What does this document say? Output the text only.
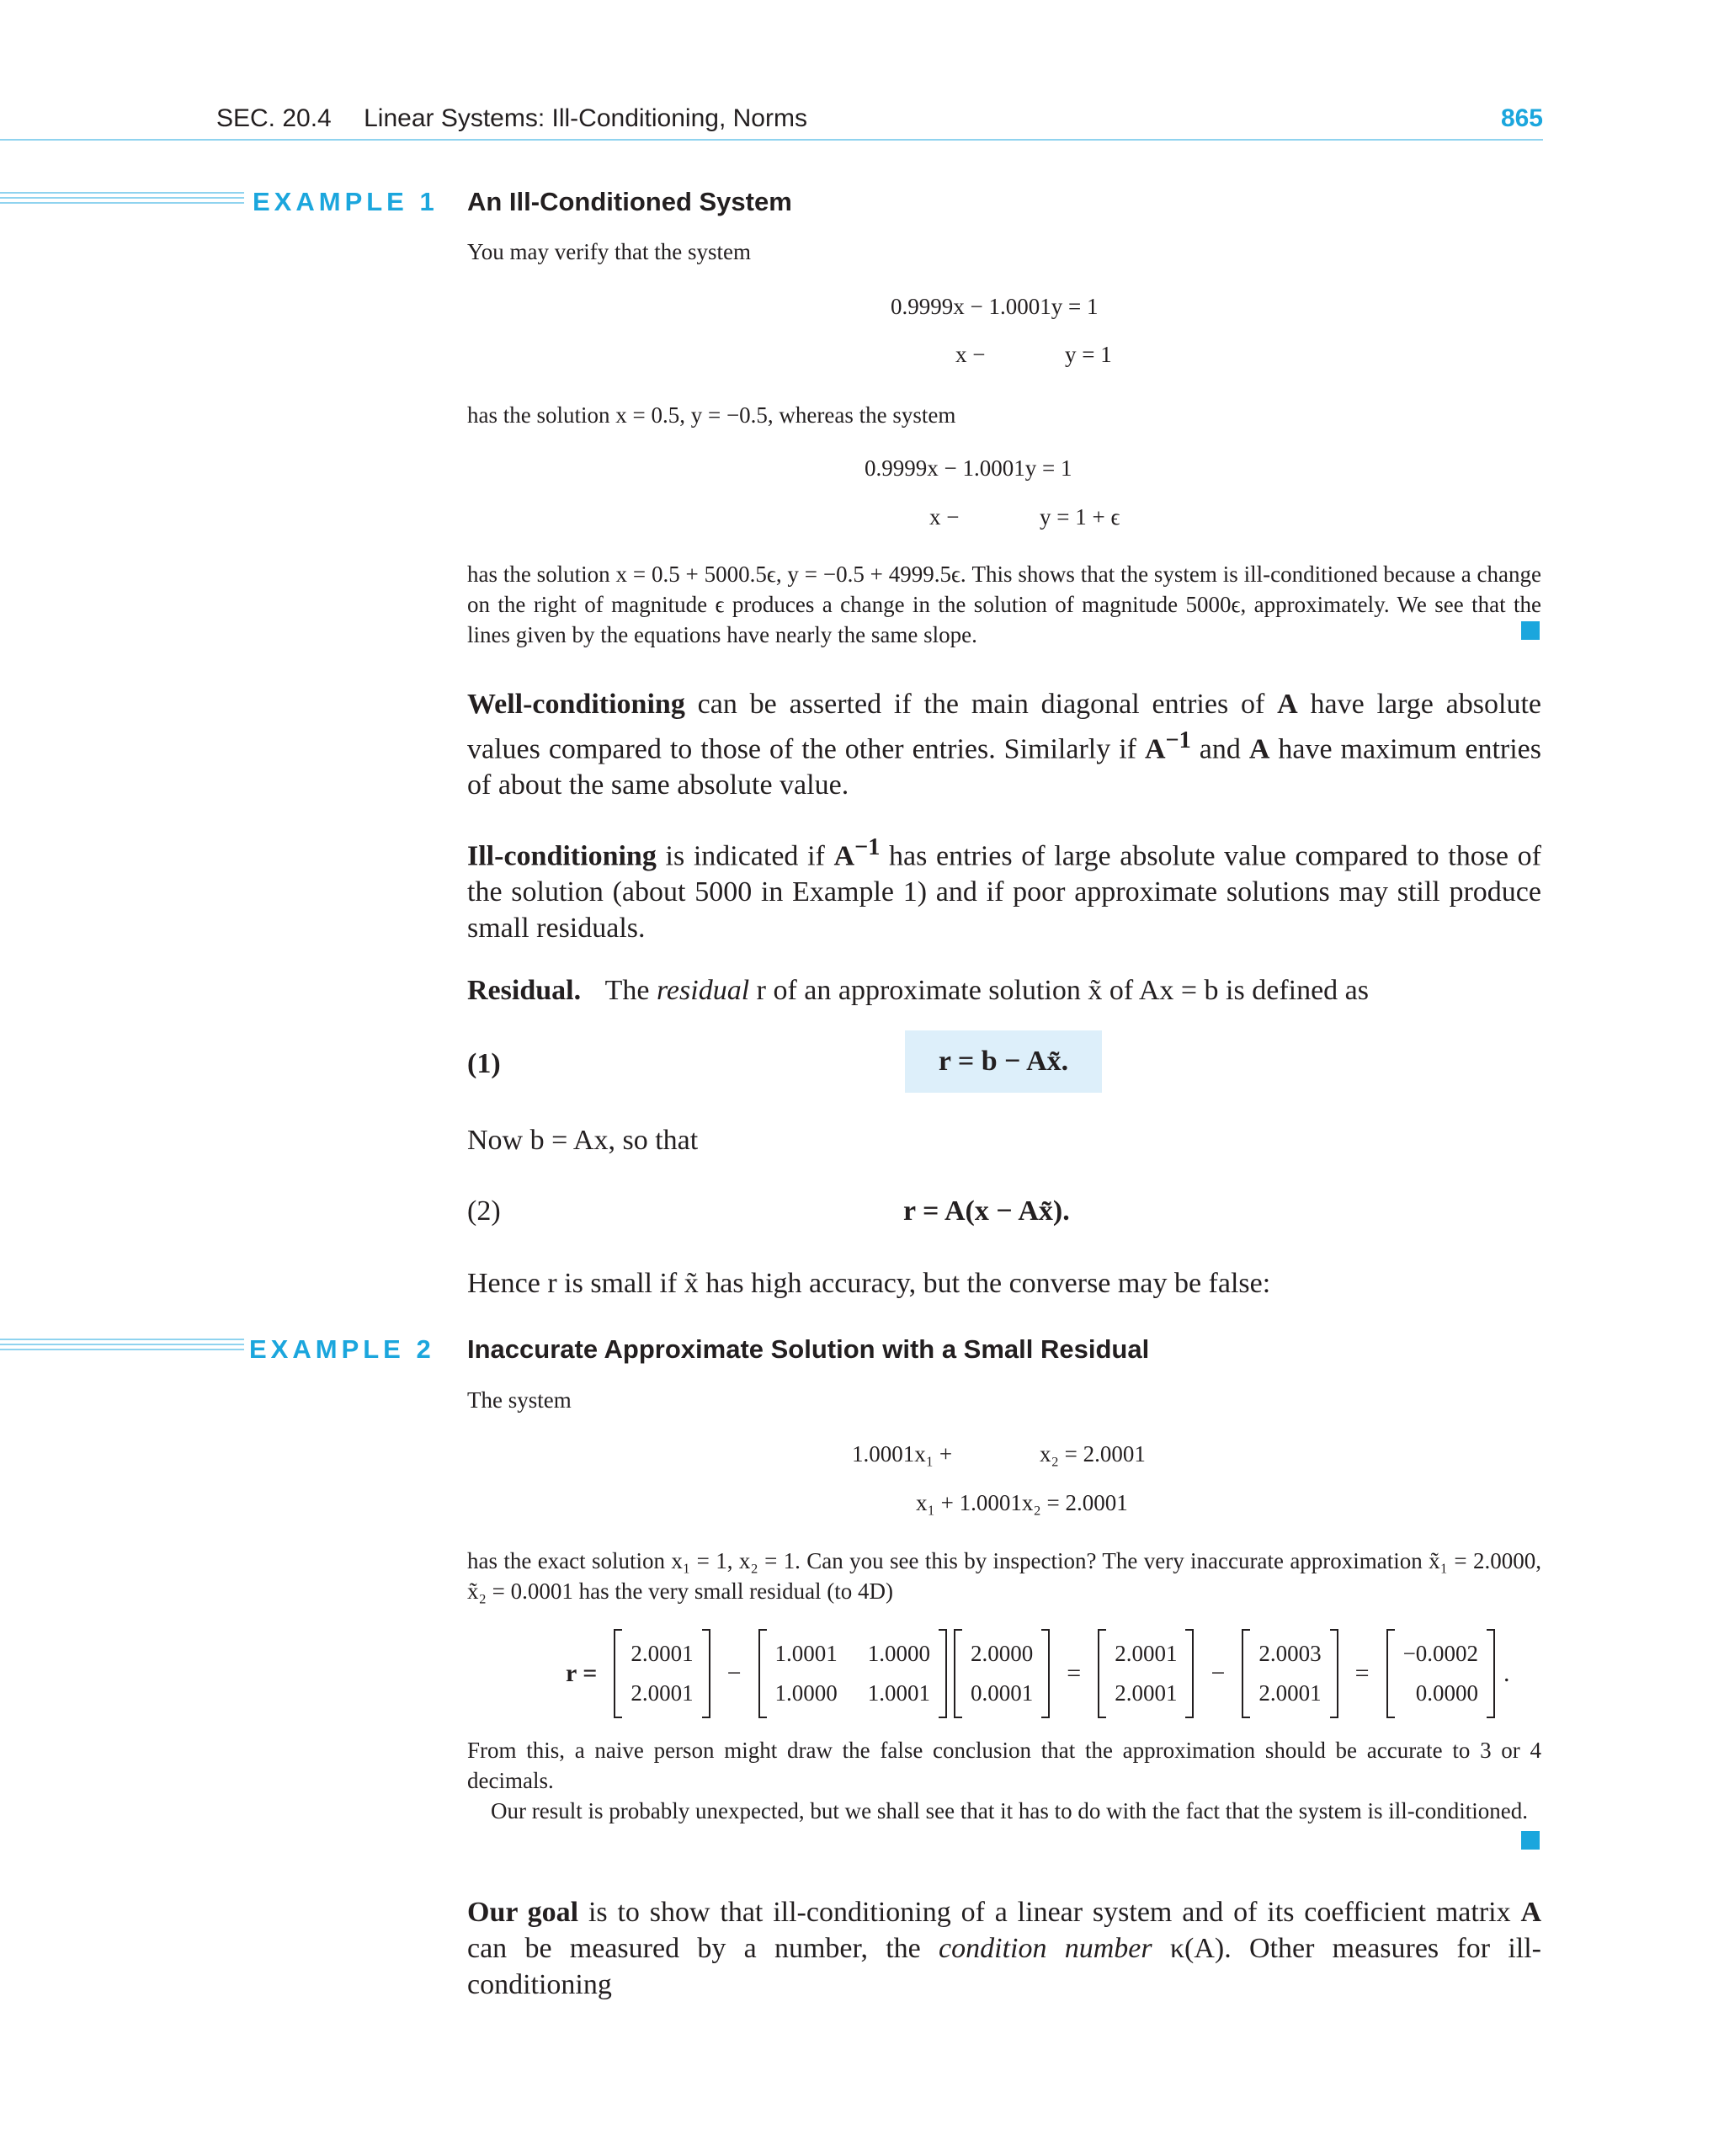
SEC. 20.4 Linear Systems: Ill-Conditioning, Norms	865
EXAMPLE 1 An Ill-Conditioned System
You may verify that the system
0.9999x − 1.0001y = 1
x −	y = 1
has the solution x = 0.5, y = −0.5, whereas the system
0.9999x − 1.0001y = 1
x −	y = 1 + ϵ
has the solution x = 0.5 + 5000.5ϵ, y = −0.5 + 4999.5ϵ. This shows that the system is ill-conditioned because a change on the right of magnitude ϵ produces a change in the solution of magnitude 5000ϵ, approximately. We see that the lines given by the equations have nearly the same slope.
Well-conditioning can be asserted if the main diagonal entries of A have large absolute values compared to those of the other entries. Similarly if $A^{-1}$ and A have maximum entries of about the same absolute value.
Ill-conditioning is indicated if $A^{-1}$ has entries of large absolute value compared to those of the solution (about 5000 in Example 1) and if poor approximate solutions may still produce small residuals.
Residual. The residual r of an approximate solution x̃ of Ax = b is defined as
(1)	r = b − Ax̃.
Now b = Ax, so that
(2)	r = A(x − Ax̃).
Hence r is small if x̃ has high accuracy, but the converse may be false:
EXAMPLE 2 Inaccurate Approximate Solution with a Small Residual
The system
1.0001x₁ +	x₂ = 2.0001
x₁ + 1.0001x₂ = 2.0001
has the exact solution x₁ = 1, x₂ = 1. Can you see this by inspection? The very inaccurate approximation x̃₁ = 2.0000, x̃₂ = 0.0001 has the very small residual (to 4D)
r =
2.0001
2.0001
−
1.0001	1.0000
1.0000	1.0001

2.0000
0.0001
=
2.0001
2.0001
−
2.0003
2.0001
=
−0.0002
0.0000
.
From this, a naive person might draw the false conclusion that the approximation should be accurate to 3 or 4 decimals.
Our result is probably unexpected, but we shall see that it has to do with the fact that the system is ill-conditioned.
Our goal is to show that ill-conditioning of a linear system and of its coefficient matrix A can be measured by a number, the condition number κ(A). Other measures for ill-conditioning
